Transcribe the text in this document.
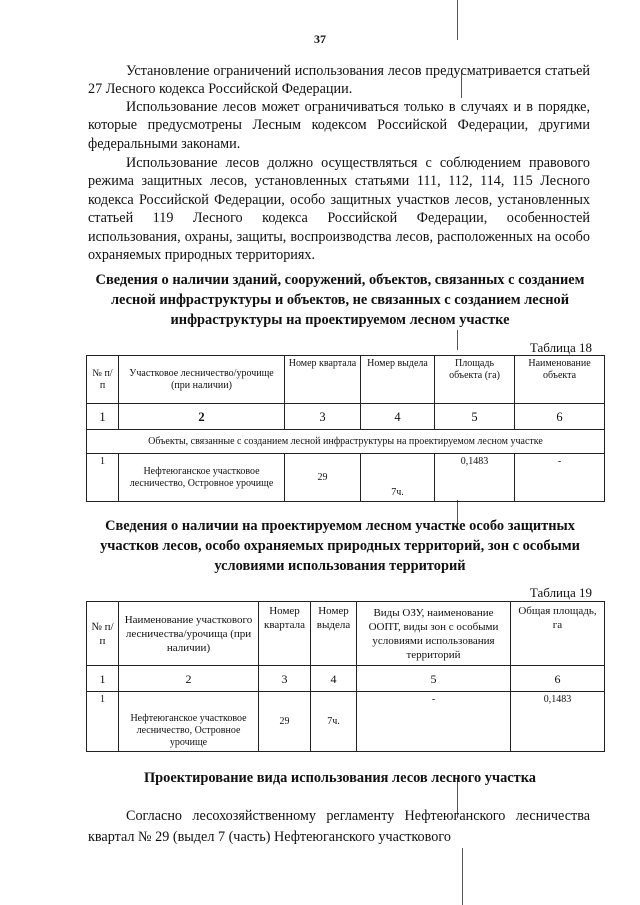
37

Установление ограничений использования лесов предусматривается статьей 27 Лесного кодекса Российской Федерации.

Использование лесов может ограничиваться только в случаях и в порядке, которые предусмотрены Лесным кодексом Российской Федерации, другими федеральными законами.

Использование лесов должно осуществляться с соблюдением правового режима защитных лесов, установленных статьями 111, 112, 114, 115 Лесного кодекса Российской Федерации, особо защитных участков лесов, установленных статьей 119 Лесного кодекса Российской Федерации, особенностей использования, охраны, защиты, воспроизводства лесов, расположенных на особо охраняемых природных территориях.

Сведения о наличии зданий, сооружений, объектов, связанных с созданием лесной инфраструктуры и объектов, не связанных с созданием лесной инфраструктуры на проектируемом лесном участке

Таблица 18
№ п/п	Участковое лесничество/урочище (при наличии)	Номер квартала	Номер выдела	Площадь объекта (га)	Наименование объекта
1	2	3	4	5	6
Объекты, связанные с созданием лесной инфраструктуры на проектируемом лесном участке					
1	Нефтеюганское участковое лесничество, Островное урочище	29	7ч.	0,1483	-

Сведения о наличии на проектируемом лесном участке особо защитных участков лесов, особо охраняемых природных территорий, зон с особыми условиями использования территорий

Таблица 19
№ п/п	Наименование участкового лесничества/урочища (при наличии)	Номер квартала	Номер выдела	Виды ОЗУ, наименование ООПТ, виды зон с особыми условиями использования территорий	Общая площадь, га
1	2	3	4	5	6
1	Нефтеюганское участковое лесничество, Островное урочище	29	7ч.	-	0,1483

Проектирование вида использования лесов лесного участка

Согласно лесохозяйственному регламенту Нефтеюганского лесничества квартал № 29 (выдел 7 (часть) Нефтеюганского участкового
